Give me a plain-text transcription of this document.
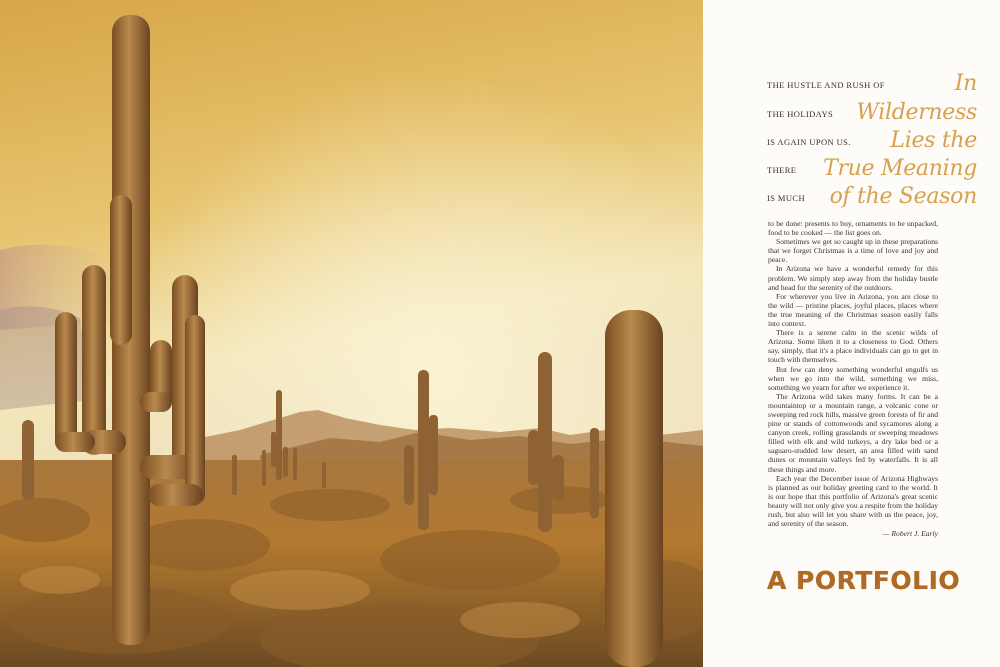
THE HUSTLE AND RUSH OF	In
THE HOLIDAYS Wilderness
IS AGAIN UPON US. Lies the
THERE True Meaning
IS MUCH of the Season

to be done: presents to buy, ornaments to be unpacked, food to be cooked — the list goes on.

Sometimes we get so caught up in these preparations that we forget Christmas is a time of love and joy and peace.

In Arizona we have a wonderful remedy for this problem. We simply step away from the holiday bustle and head for the serenity of the outdoors.

For wherever you live in Arizona, you are close to the wild — pristine places, joyful places, places where the true meaning of the Christmas season easily falls into context.

There is a serene calm in the scenic wilds of Arizona. Some liken it to a closeness to God. Others say, simply, that it's a place individuals can go to get in touch with themselves.

But few can deny something wonderful engulfs us when we go into the wild, something we miss, something we yearn for after we experience it.

The Arizona wild takes many forms. It can be a mountaintop or a mountain range, a volcanic cone or sweeping red rock hills, massive green forests of fir and pine or stands of cottonwoods and sycamores along a canyon creek, rolling grasslands or sweeping meadows filled with elk and wild turkeys, a dry lake bed or a saguaro-studded low desert, an area filled with sand dunes or mountain valleys fed by waterfalls. It is all these things and more.

Each year the December issue of Arizona Highways is planned as our holiday greeting card to the world. It is our hope that this portfolio of Arizona's great scenic beauty will not only give you a respite from the holiday rush, but also will let you share with us the peace, joy, and serenity of the season.

— Robert J. Early
A PORTFOLIO
